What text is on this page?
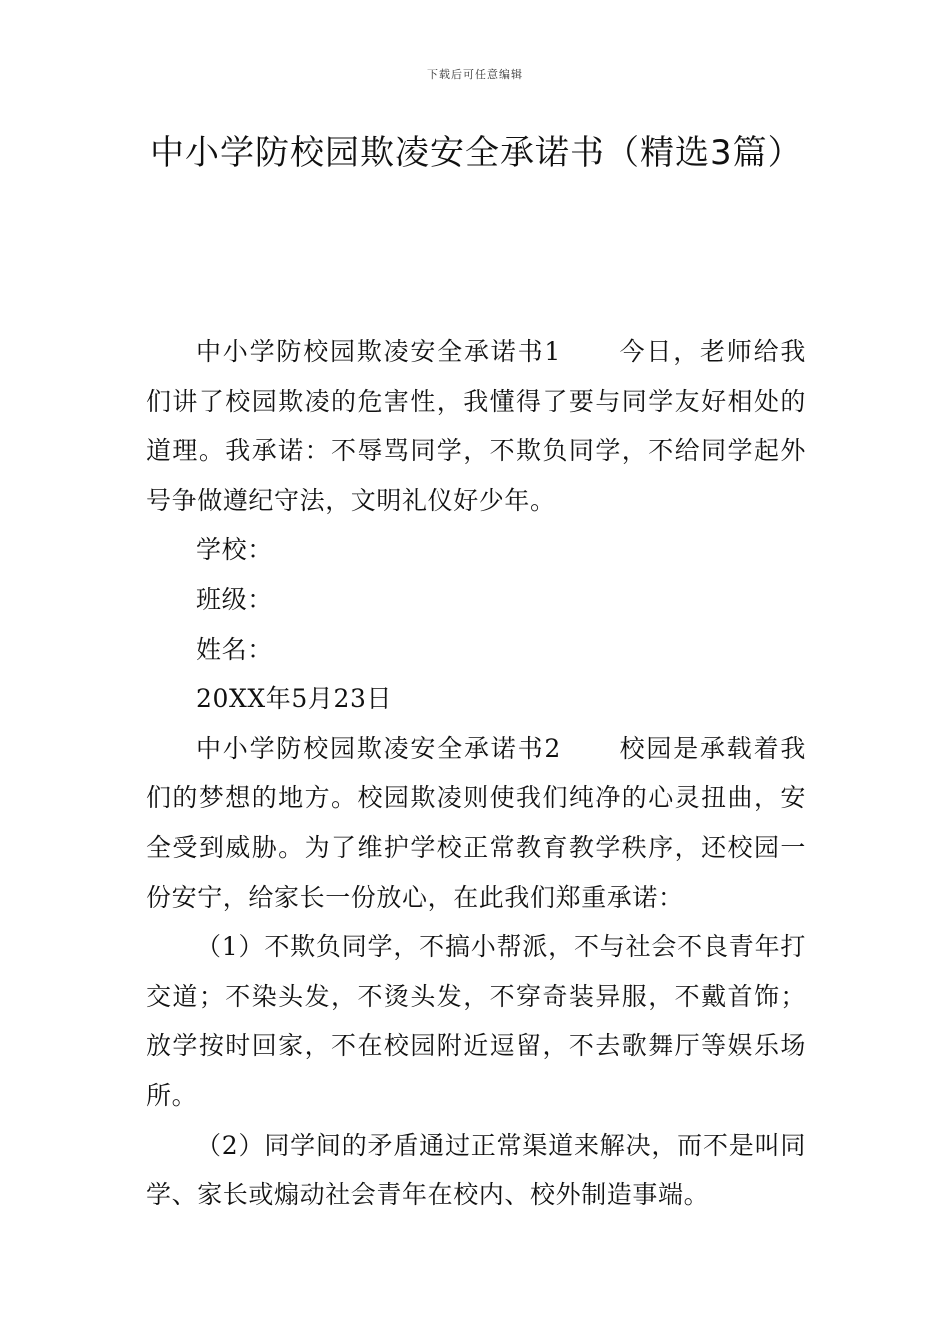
下载后可任意编辑
中小学防校园欺凌安全承诺书（精选3篇）

中小学防校园欺凌安全承诺书1 今日，老师给我们讲了校园欺凌的危害性，我懂得了要与同学友好相处的道理。我承诺：不辱骂同学，不欺负同学，不给同学起外号争做遵纪守法，文明礼仪好少年。

学校：

班级：

姓名：

20XX年5月23日

中小学防校园欺凌安全承诺书2 校园是承载着我们的梦想的地方。校园欺凌则使我们纯净的心灵扭曲，安全受到威胁。为了维护学校正常教育教学秩序，还校园一份安宁，给家长一份放心，在此我们郑重承诺：

（1）不欺负同学，不搞小帮派，不与社会不良青年打交道；不染头发，不烫头发，不穿奇装异服，不戴首饰；放学按时回家，不在校园附近逗留，不去歌舞厅等娱乐场所。

（2）同学间的矛盾通过正常渠道来解决，而不是叫同学、家长或煽动社会青年在校内、校外制造事端。
